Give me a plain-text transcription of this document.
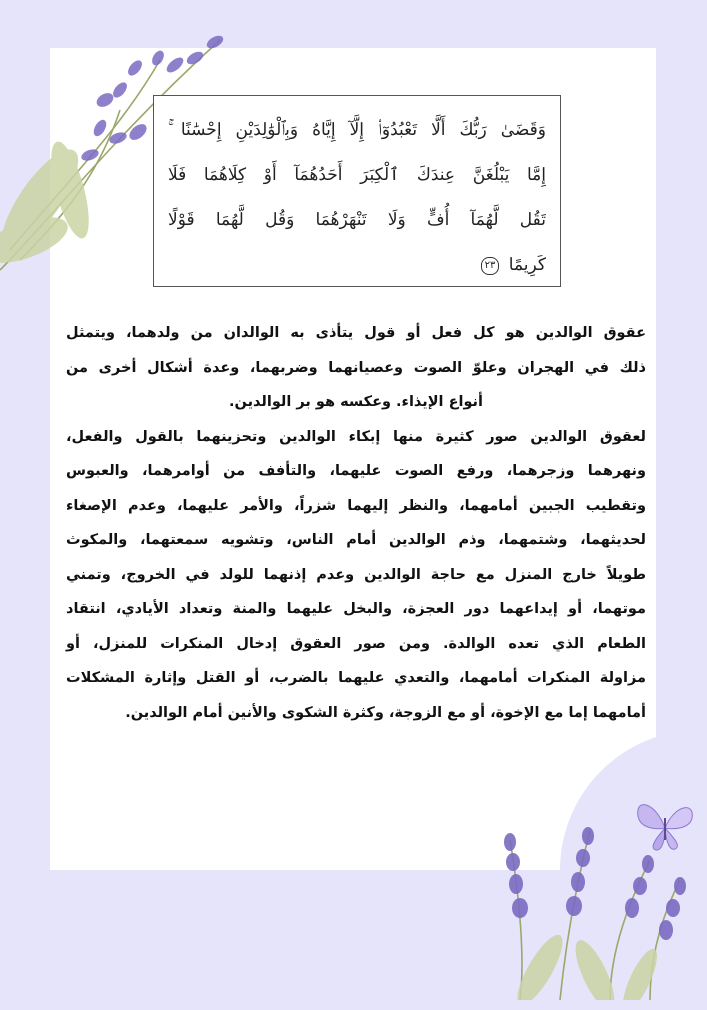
وَقَضَىٰ رَبُّكَ أَلَّا تَعْبُدُوٓا۟ إِلَّآ إِيَّاهُ وَبِٱلْوَٰلِدَيْنِ إِحْسَٰنًا ۚ
إِمَّا يَبْلُغَنَّ عِندَكَ ٱلْكِبَرَ أَحَدُهُمَآ أَوْ كِلَاهُمَا فَلَا
تَقُل لَّهُمَآ أُفٍّ وَلَا تَنْهَرْهُمَا وَقُل لَّهُمَا قَوْلًا
كَرِيمًا ٢٣

عقوق الوالدين هو كل فعل أو قول يتأذى به الوالدان من ولدهما، ويتمثل

ذلك في الهجران وعلوّ الصوت وعصيانهما وضربهما، وعدة أشكال أخرى من

أنواع الإيذاء. وعكسه هو بر الوالدين.

لعقوق الوالدين صور كثيرة منها إبكاء الوالدين وتحزينهما بالقول والفعل،

ونهرهما وزجرهما، ورفع الصوت عليهما، والتأفف من أوامرهما، والعبوس

وتقطيب الجبين أمامهما، والنظر إليهما شزراً، والأمر عليهما، وعدم الإصغاء

لحديثهما، وشتمهما، وذم الوالدين أمام الناس، وتشويه سمعتهما، والمكوث

طويلاً خارج المنزل مع حاجة الوالدين وعدم إذنهما للولد في الخروج، وتمني

موتهما، أو إيداعهما دور العجزة، والبخل عليهما والمنة وتعداد الأيادي، انتقاد

الطعام الذي تعده الوالدة. ومن صور العقوق إدخال المنكرات للمنزل، أو

مزاولة المنكرات أمامهما، والتعدي عليهما بالضرب، أو القتل وإثارة المشكلات

أمامهما إما مع الإخوة، أو مع الزوجة، وكثرة الشكوى والأنين أمام الوالدين.
